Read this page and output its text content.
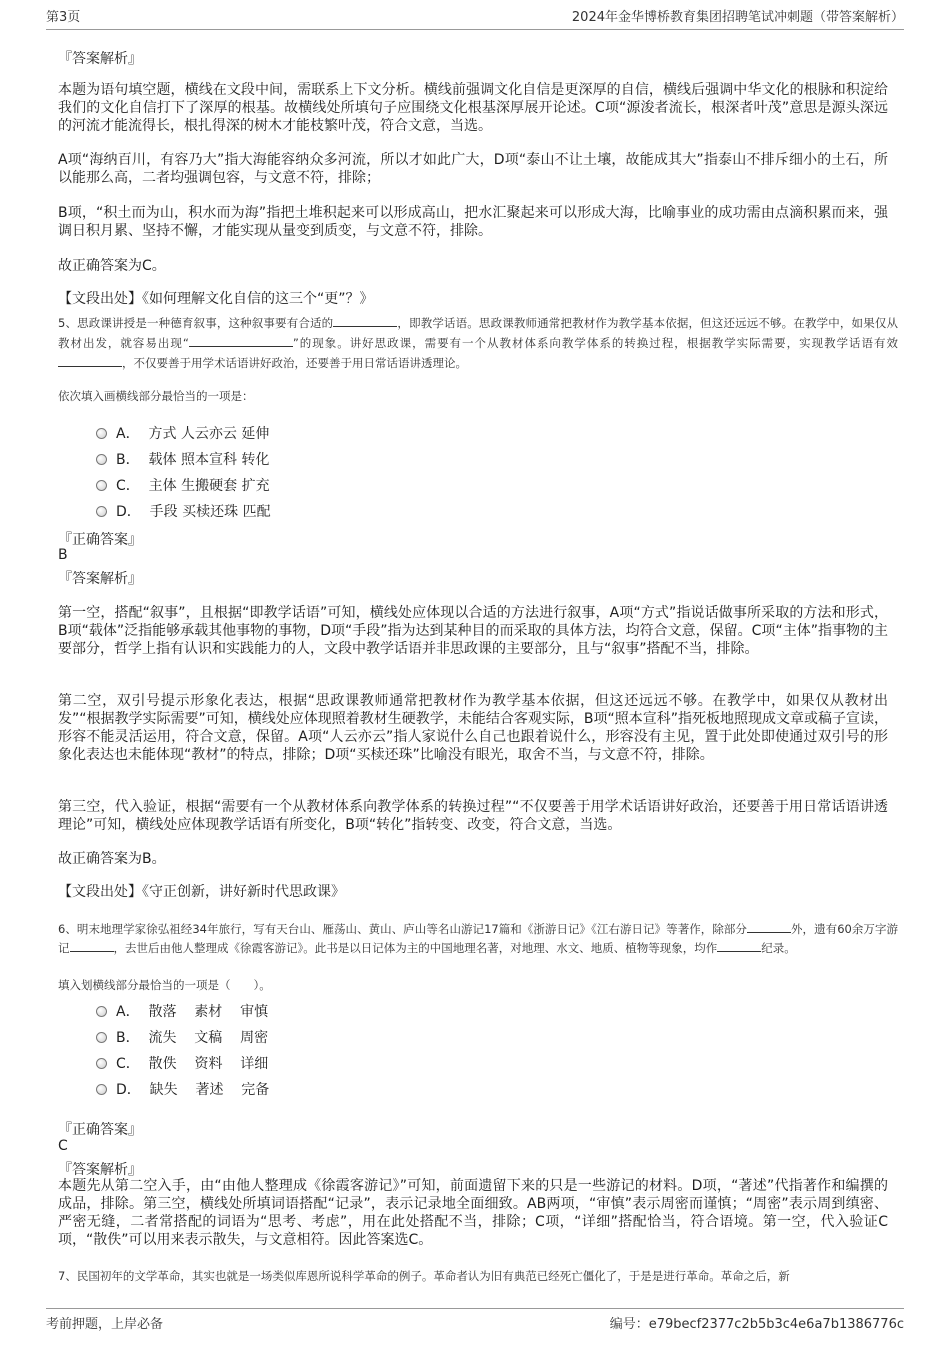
第3页	2024年金华博桥教育集团招聘笔试冲刺题（带答案解析）
『答案解析』
本题为语句填空题，横线在文段中间，需联系上下文分析。横线前强调文化自信是更深厚的自信，横线后强调中华文化的根脉和积淀给我们的文化自信打下了深厚的根基。故横线处所填句子应围绕文化根基深厚展开论述。C项“源浚者流长，根深者叶茂”意思是源头深远的河流才能流得长，根扎得深的树木才能枝繁叶茂，符合文意，当选。
A项“海纳百川，有容乃大”指大海能容纳众多河流，所以才如此广大，D项“泰山不让土壤，故能成其大”指泰山不排斥细小的土石，所以能那么高，二者均强调包容，与文意不符，排除；
B项，“积土而为山，积水而为海”指把土堆积起来可以形成高山，把水汇聚起来可以形成大海，比喻事业的成功需由点滴积累而来，强调日积月累、坚持不懈，才能实现从量变到质变，与文意不符，排除。
故正确答案为C。
【文段出处】《如何理解文化自信的这三个“更”？》
5、思政课讲授是一种德育叙事，这种叙事要有合适的	，即教学话语。思政课教师通常把教材作为教学基本依据，但这还远远不够。在教学中，如果仅从教材出发，就容易出现“	”的现象。讲好思政课，需要有一个从教材体系向教学体系的转换过程，根据教学实际需要，实现教学话语有效，不仅要善于用学术话语讲好政治，还要善于用日常话语讲透理论。
依次填入画横线部分最恰当的一项是：
A．  方式 人云亦云 延伸
B．  载体 照本宣科 转化
C．  主体 生搬硬套 扩充
D．  手段 买椟还珠 匹配
『正确答案』
B
『答案解析』
第一空，搭配“叙事”，且根据“即教学话语”可知，横线处应体现以合适的方法进行叙事，A项“方式”指说话做事所采取的方法和形式，B项“载体”泛指能够承载其他事物的事物，D项“手段”指为达到某种目的而采取的具体方法，均符合文意，保留。C项“主体”指事物的主要部分，哲学上指有认识和实践能力的人，文段中教学话语并非思政课的主要部分，且与“叙事”搭配不当，排除。
第二空，双引号提示形象化表达，根据“思政课教师通常把教材作为教学基本依据，但这还远远不够。在教学中，如果仅从教材出发”“根据教学实际需要”可知，横线处应体现照着教材生硬教学，未能结合客观实际，B项“照本宣科”指死板地照现成文章或稿子宣读，形容不能灵活运用，符合文意，保留。A项“人云亦云”指人家说什么自己也跟着说什么，形容没有主见，置于此处即使通过双引号的形象化表达也未能体现“教材”的特点，排除；D项“买椟还珠”比喻没有眼光，取舍不当，与文意不符，排除。
第三空，代入验证，根据“需要有一个从教材体系向教学体系的转换过程”“不仅要善于用学术话语讲好政治，还要善于用日常话语讲透理论”可知，横线处应体现教学话语有所变化，B项“转化”指转变、改变，符合文意，当选。
故正确答案为B。
【文段出处】《守正创新，讲好新时代思政课》
6、明末地理学家徐弘祖经34年旅行，写有天台山、雁荡山、黄山、庐山等名山游记17篇和《浙游日记》《江右游日记》等著作，除部分	外，遗有60余万字游记	，去世后由他人整理成《徐霞客游记》。此书是以日记体为主的中国地理名著，对地理、水文、地质、植物等现象，均作	纪录。
填入划横线部分最恰当的一项是（　　）。
A．  散落    素材    审慎
B．  流失    文稿    周密
C．  散佚    资料    详细
D．  缺失    著述    完备
『正确答案』
C
『答案解析』
本题先从第二空入手，由“由他人整理成《徐霞客游记》”可知，前面遗留下来的只是一些游记的材料。D项，“著述”代指著作和编撰的成品，排除。第三空，横线处所填词语搭配“记录”，表示记录地全面细致。AB两项，“审慎”表示周密而谨慎；“周密”表示周到缜密、严密无缝，二者常搭配的词语为“思考、考虑”，用在此处搭配不当，排除；C项，“详细”搭配恰当，符合语境。第一空，代入验证C项，“散佚”可以用来表示散失，与文意相符。因此答案选C。
7、民国初年的文学革命，其实也就是一场类似库恩所说科学革命的例子。革命者认为旧有典范已经死亡僵化了，于是是进行革命。革命之后，新
考前押题，上岸必备	编号：e79becf2377c2b5b3c4e6a7b1386776c
